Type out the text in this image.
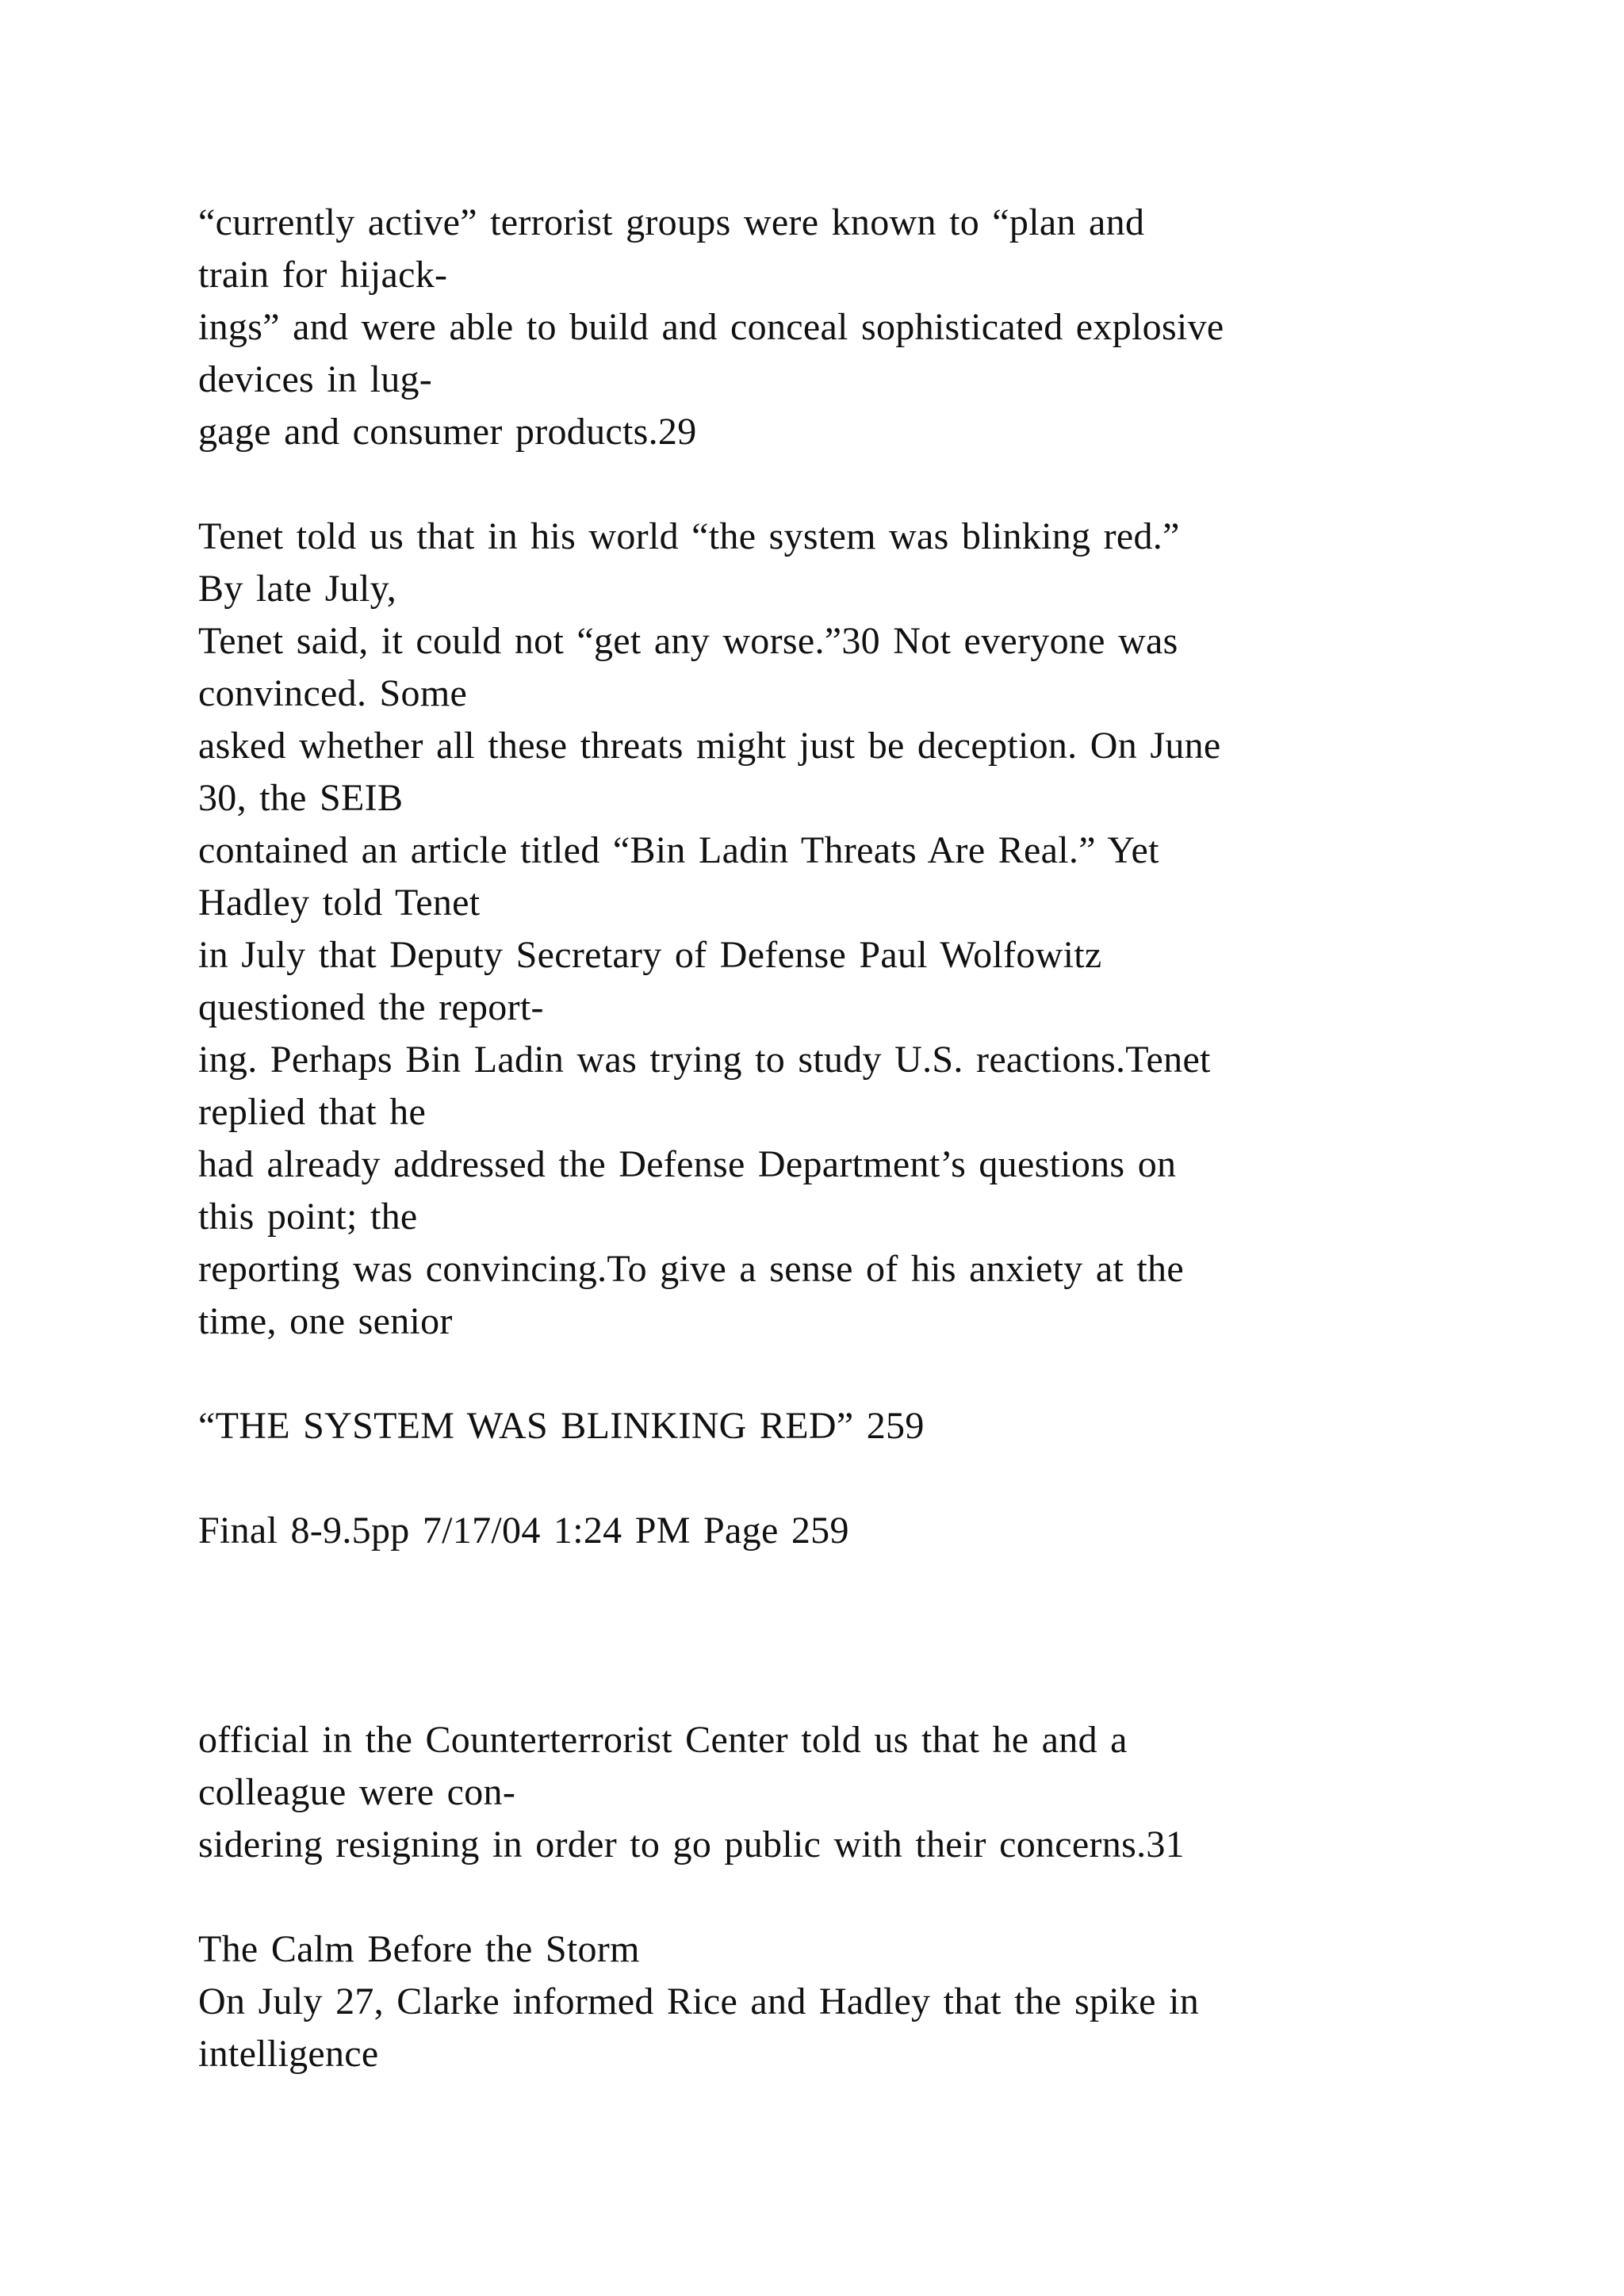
“currently active” terrorist groups were known to “plan and

train for hijack-

ings” and were able to build and conceal sophisticated explosive

devices in lug-

gage and consumer products.29

Tenet told us that in his world “the system was blinking red.”

By late July,

Tenet said, it could not “get any worse.”30 Not everyone was

convinced. Some

asked whether all these threats might just be deception. On June

30, the SEIB

contained an article titled “Bin Ladin Threats Are Real.” Yet

Hadley told Tenet

in July that Deputy Secretary of Defense Paul Wolfowitz

questioned the report-

ing. Perhaps Bin Ladin was trying to study U.S. reactions.Tenet

replied that he

had already addressed the Defense Department’s questions on

this point; the

reporting was convincing.To give a sense of his anxiety at the

time, one senior

“THE SYSTEM WAS BLINKING RED” 259

Final 8-9.5pp 7/17/04 1:24 PM Page 259

official in the Counterterrorist Center told us that he and a

colleague were con-

sidering resigning in order to go public with their concerns.31

The Calm Before the Storm

On July 27, Clarke informed Rice and Hadley that the spike in

intelligence
